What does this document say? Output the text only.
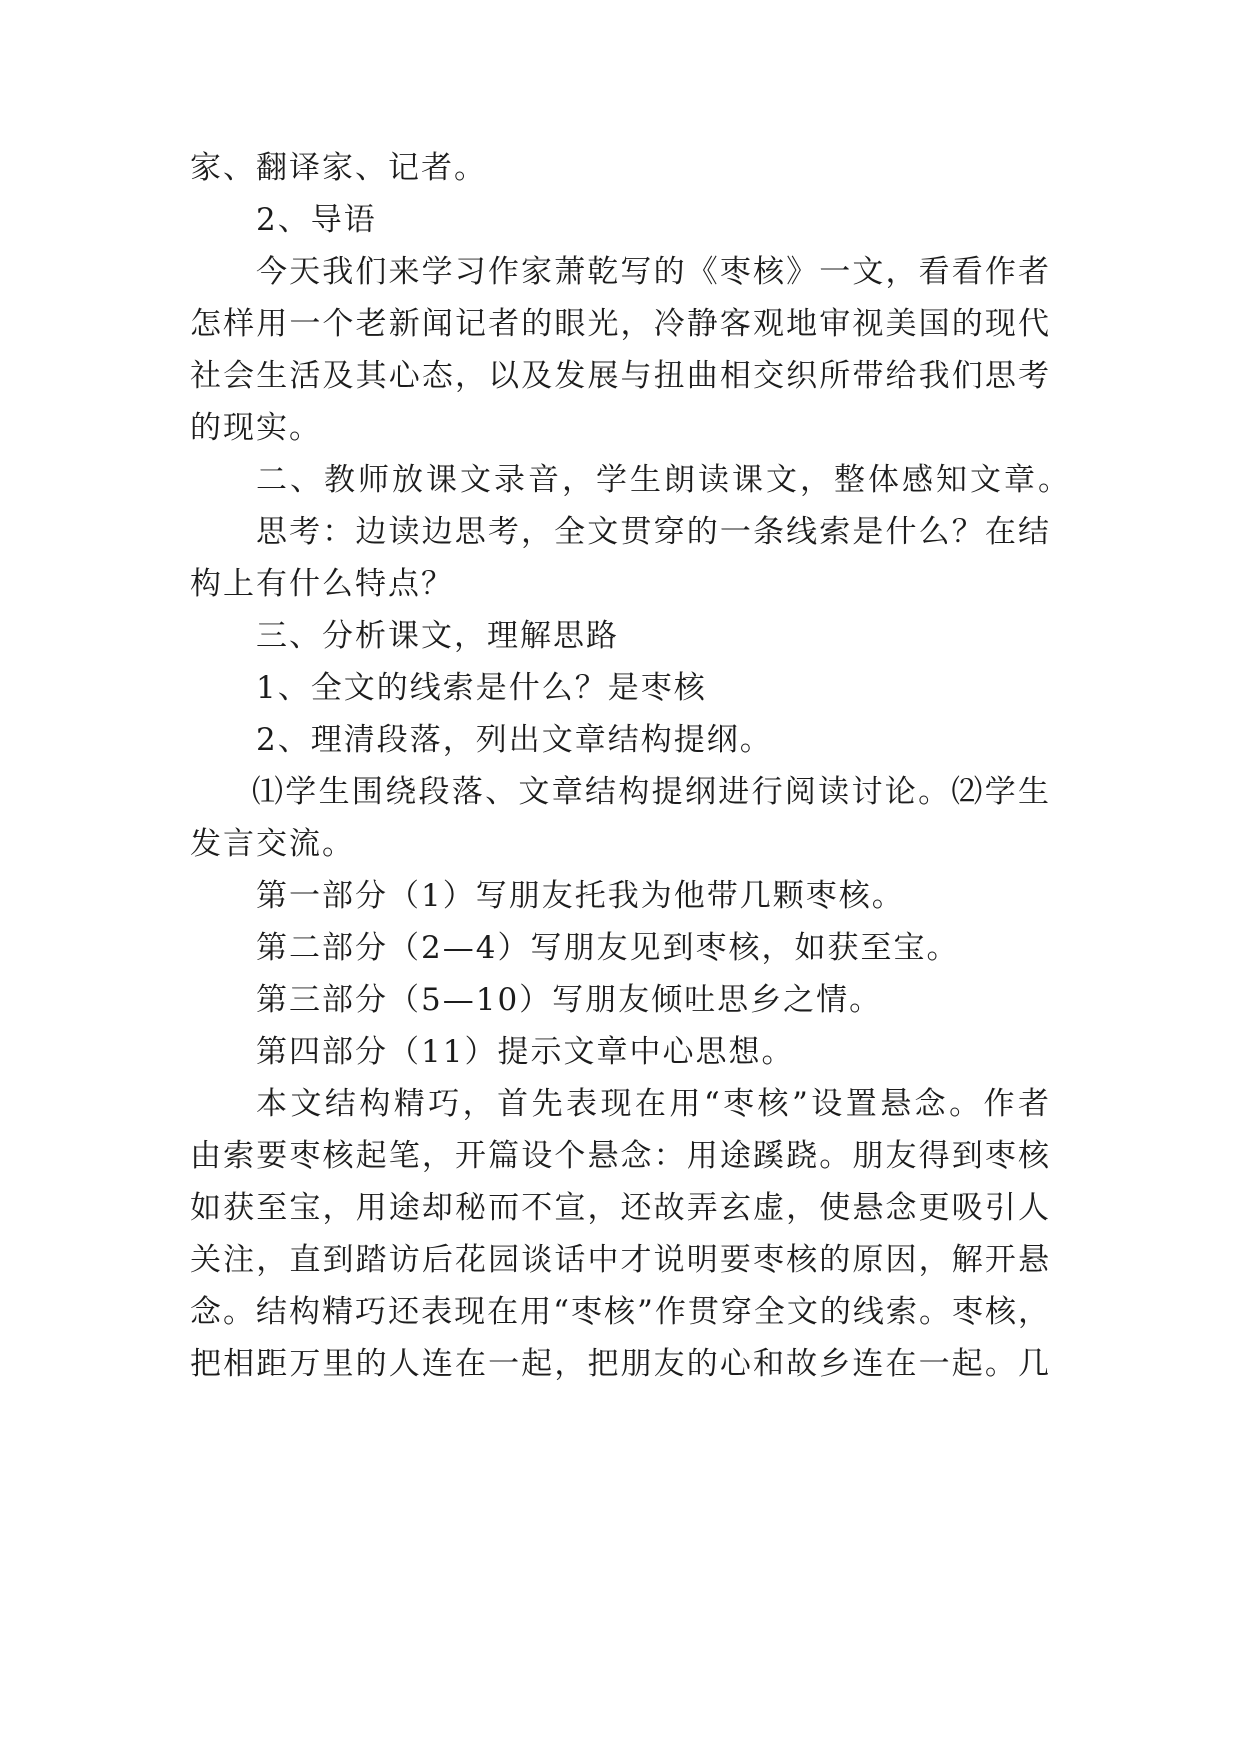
家、翻译家、记者。
2、导语
今天我们来学习作家萧乾写的《枣核》一文，看看作者
怎样用一个老新闻记者的眼光，冷静客观地审视美国的现代
社会生活及其心态，以及发展与扭曲相交织所带给我们思考
的现实。
二、教师放课文录音，学生朗读课文，整体感知文章。
思考：边读边思考，全文贯穿的一条线索是什么？在结
构上有什么特点？
三、分析课文，理解思路
1、全文的线索是什么？是枣核
2、理清段落，列出文章结构提纲。
⑴学生围绕段落、文章结构提纲进行阅读讨论。⑵学生
发言交流。
第一部分（1）写朋友托我为他带几颗枣核。
第二部分（2—4）写朋友见到枣核，如获至宝。
第三部分（5—10）写朋友倾吐思乡之情。
第四部分（11）提示文章中心思想。
本文结构精巧，首先表现在用“枣核”设置悬念。作者
由索要枣核起笔，开篇设个悬念：用途蹊跷。朋友得到枣核
如获至宝，用途却秘而不宣，还故弄玄虚，使悬念更吸引人
关注，直到踏访后花园谈话中才说明要枣核的原因，解开悬
念。结构精巧还表现在用“枣核”作贯穿全文的线索。枣核，
把相距万里的人连在一起，把朋友的心和故乡连在一起。几
